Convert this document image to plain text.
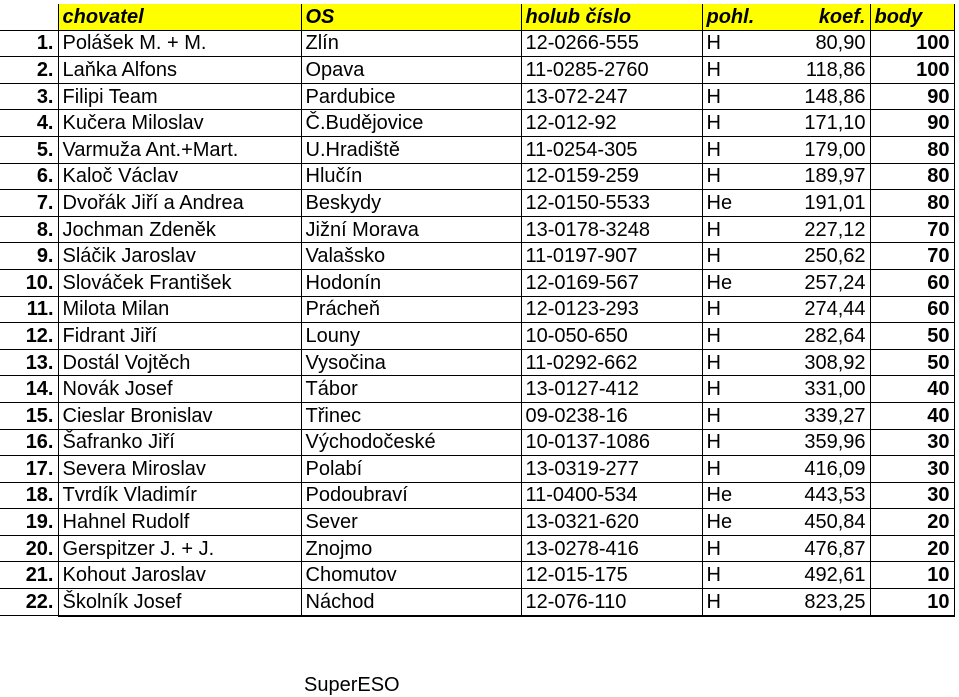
	chovatel	OS	holub číslo	pohl.	koef.	body
1.	Polášek M. + M.	Zlín	12-0266-555	H	80,90	100
2.	Laňka Alfons	Opava	11-0285-2760	H	118,86	100
3.	Filipi Team	Pardubice	13-072-247	H	148,86	90
4.	Kučera Miloslav	Č.Budějovice	12-012-92	H	171,10	90
5.	Varmuža Ant.+Mart.	U.Hradiště	11-0254-305	H	179,00	80
6.	Kaloč Václav	Hlučín	12-0159-259	H	189,97	80
7.	Dvořák Jiří a Andrea	Beskydy	12-0150-5533	He	191,01	80
8.	Jochman Zdeněk	Jižní Morava	13-0178-3248	H	227,12	70
9.	Sláčik Jaroslav	Valašsko	11-0197-907	H	250,62	70
10.	Slováček František	Hodonín	12-0169-567	He	257,24	60
11.	Milota Milan	Prácheň	12-0123-293	H	274,44	60
12.	Fidrant Jiří	Louny	10-050-650	H	282,64	50
13.	Dostál Vojtěch	Vysočina	11-0292-662	H	308,92	50
14.	Novák Josef	Tábor	13-0127-412	H	331,00	40
15.	Cieslar Bronislav	Třinec	09-0238-16	H	339,27	40
16.	Šafranko Jiří	Východočeské	10-0137-1086	H	359,96	30
17.	Severa Miroslav	Polabí	13-0319-277	H	416,09	30
18.	Tvrdík Vladimír	Podoubraví	11-0400-534	He	443,53	30
19.	Hahnel Rudolf	Sever	13-0321-620	He	450,84	20
20.	Gerspitzer J. + J.	Znojmo	13-0278-416	H	476,87	20
21.	Kohout Jaroslav	Chomutov	12-015-175	H	492,61	10
22.	Školník Josef	Náchod	12-076-110	H	823,25	10
SuperESO
